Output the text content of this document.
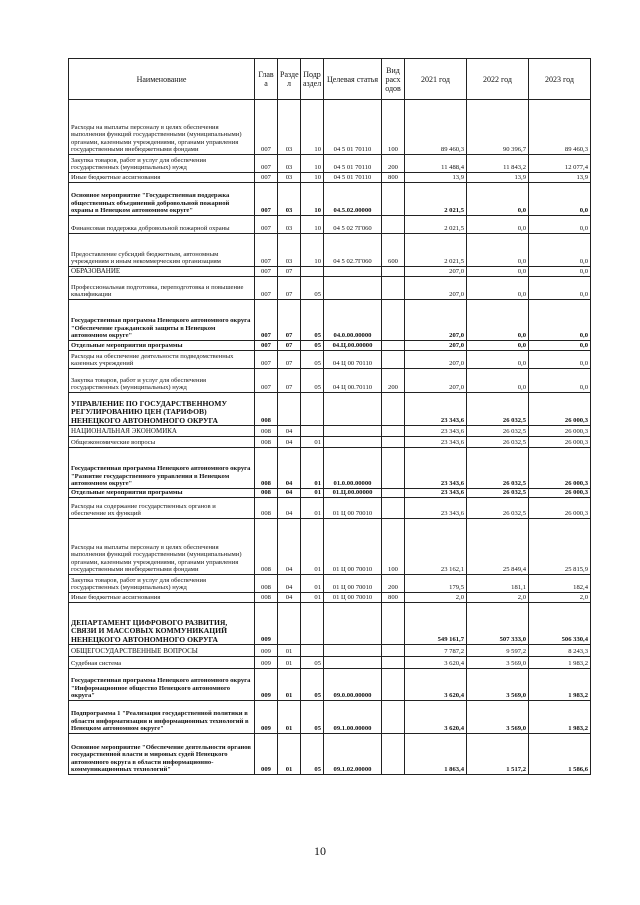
Наименование	Глав а	Разде л	Подр аздел	Целевая статья	Вид расх одов	2021 год	2022 год	2023 год
Расходы на выплаты персоналу в целях обеспечения выполнения функций государственными (муниципальными) органами, казенными учреждениями, органами управления государственными внебюджетными фондами	007	03	10	04 5 01 70110	100	89 460,3	90 396,7	89 460,3
Закупка товаров, работ и услуг для обеспечения государственных (муниципальных) нужд	007	03	10	04 5 01 70110	200	11 488,4	11 843,2	12 077,4
Иные бюджетные ассигнования	007	03	10	04 5 01 70110	800	13,9	13,9	13,9
Основное мероприятие "Государственная поддержка общественных объединений добровольной пожарной охраны в Ненецком автономном округе"	007	03	10	04.5.02.00000		2 021,5	0,0	0,0
Финансовая поддержка добровольной пожарной охраны	007	03	10	04 5 02 7Г060		2 021,5	0,0	0,0
Предоставление субсидий бюджетным, автономным учреждениям и иным некоммерческим организациям	007	03	10	04 5 02.7Г060	600	2 021,5	0,0	0,0
ОБРАЗОВАНИЕ	007	07				207,0	0,0	0,0
Профессиональная подготовка, переподготовка и повышение квалификации	007	07	05			207,0	0,0	0,0
Государственная программа Ненецкого автономного округа "Обеспечение гражданской защиты в Ненецком автономном округе"	007	07	05	04.0.00.00000		207,0	0,0	0,0
Отдельные мероприятия программы	007	07	05	04.Ц.00.00000		207,0	0,0	0,0
Расходы на обеспечение деятельности подведомственных казенных учреждений	007	07	05	04 Ц 00 70110		207,0	0,0	0,0
Закупка товаров, работ и услуг для обеспечения государственных (муниципальных) нужд	007	07	05	04 Ц 00.70110	200	207,0	0,0	0,0
УПРАВЛЕНИЕ ПО ГОСУДАРСТВЕННОМУ РЕГУЛИРОВАНИЮ ЦЕН (ТАРИФОВ) НЕНЕЦКОГО АВТОНОМНОГО ОКРУГА	008					23 343,6	26 032,5	26 000,3
НАЦИОНАЛЬНАЯ ЭКОНОМИКА	008	04				23 343,6	26 032,5	26 000,3
Общеэкономические вопросы	008	04	01			23 343,6	26 032,5	26 000,3
Государственная программа Ненецкого автономного округа "Развитие государственного управления в Ненецком автономном округе"	008	04	01	01.0.00.00000		23 343,6	26 032,5	26 000,3
Отдельные мероприятия программы	008	04	01	01.Ц.00.00000		23 343,6	26 032,5	26 000,3
Расходы на содержание государственных органов и обеспечение их функций	008	04	01	01 Ц 00 70010		23 343,6	26 032,5	26 000,3
Расходы на выплаты персоналу в целях обеспечения выполнения функций государственными (муниципальными) органами, казенными учреждениями, органами управления государственными внебюджетными фондами	008	04	01	01 Ц 00 70010	100	23 162,1	25 849,4	25 815,9
Закупка товаров, работ и услуг для обеспечения государственных (муниципальных) нужд	008	04	01	01 Ц 00 70010	200	179,5	181,1	182,4
Иные бюджетные ассигнования	008	04	01	01 Ц 00 70010	800	2,0	2,0	2,0
ДЕПАРТАМЕНТ ЦИФРОВОГО РАЗВИТИЯ, СВЯЗИ И МАССОВЫХ КОММУНИКАЦИЙ НЕНЕЦКОГО АВТОНОМНОГО ОКРУГА	009					549 161,7	507 333,0	506 330,4
ОБЩЕГОСУДАРСТВЕННЫЕ ВОПРОСЫ	009	01				7 787,2	9 597,2	8 243,3
Судебная система	009	01	05			3 620,4	3 569,0	1 983,2
Государственная программа Ненецкого автономного округа "Информационное общество Ненецкого автономного округа"	009	01	05	09.0.00.00000		3 620,4	3 569,0	1 983,2
Подпрограмма 1 "Реализация государственной политики в области информатизации и информационных технологий в Ненецком автономном округе"	009	01	05	09.1.00.00000		3 620,4	3 569,0	1 983,2
Основное мероприятие "Обеспечение деятельности органов государственной власти и мировых судей Ненецкого автономного округа в области информационно-коммуникационных технологий"	009	01	05	09.1.02.00000		1 863,4	1 517,2	1 586,6
10
